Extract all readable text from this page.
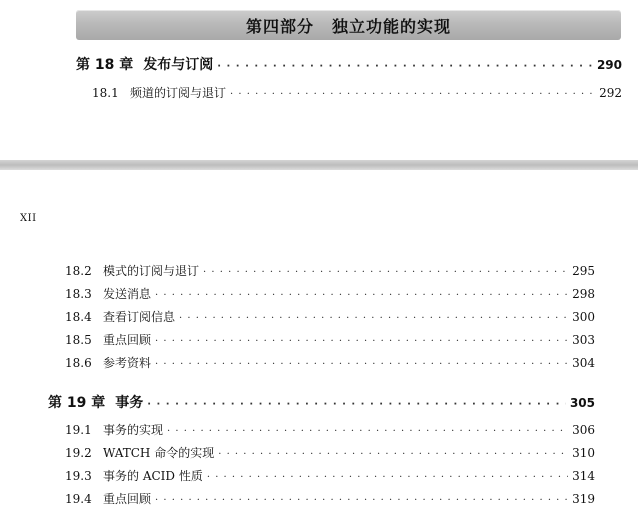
第四部分 独立功能的实现
第 18 章 发布与订阅 · · ·	290
18.1 频道的订阅与退订 · · ·	292
XII
18.2 模式的订阅与退订 · · ·	295
18.3 发送消息 · · ·	298
18.4 查看订阅信息 · · ·	300
18.5 重点回顾 · · ·	303
18.6 参考资料 · · ·	304
第 19 章 事务 · · ·	305
19.1 事务的实现 · · ·	306
19.2 WATCH 命令的实现 · · ·	310
19.3 事务的 ACID 性质 · · ·	314
19.4 重点回顾 · · ·	319
